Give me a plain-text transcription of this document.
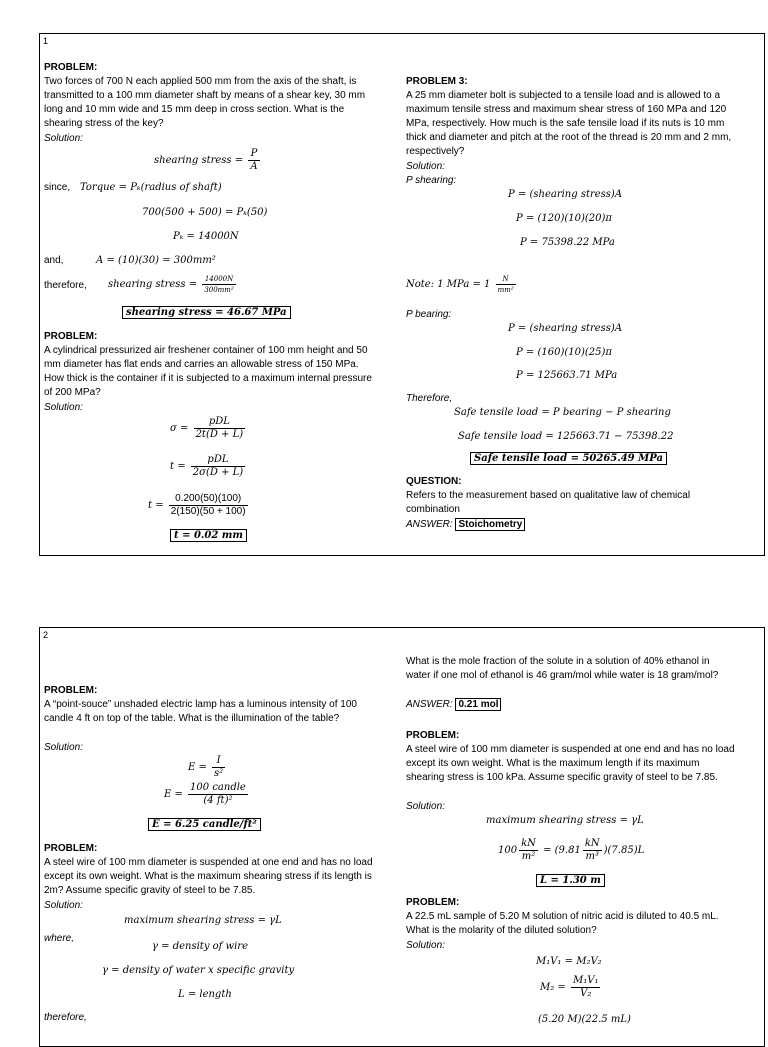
1
PROBLEM:
Two forces of 700 N each applied 500 mm from the axis of the shaft, is transmitted to a 100 mm diameter shaft by means of a shear key, 30 mm long and 10 mm wide and 15 mm deep in cross section. What is the shearing stress of the key?
Solution:
shearing stress = $\frac{P}{A}$
since, Torque = Pₖ(radius of shaft)
700(500 + 500) = Pₖ(50)
Pₖ = 14000N
and,	A = (10)(30) = 300mm²
therefore, shearing stress = $\frac{14000N}{\text{300mm²}}$
shearing stress = 46.67 MPa
PROBLEM:
A cylindrical pressurized air freshener container of 100 mm height and 50 mm diameter has flat ends and carries an allowable stress of 150 MPa. How thick is the container if it is subjected to a maximum internal pressure of 200 MPa?
Solution:
$\sigma = \frac{\text{pDL}}{2t(D + L)}$
$t = \frac{\text{pDL}}{2\sigma(D + L)}$
$t = \frac{0.200(50)(100)}{2(150)(50 + 100)}$
t = 0.02 mm
PROBLEM 3:
A 25 mm diameter bolt is subjected to a tensile load and is allowed to a maximum tensile stress and maximum shear stress of 160 MPa and 120 MPa, respectively. How much is the safe tensile load if its nuts is 10 mm thick and diameter and pitch at the root of the thread is 20 mm and 2 mm, respectively?
Solution:
P shearing:
P = (shearing stress)A
P = (120)(10)(20)π
P = 75398.22 MPa
Note: 1 MPa = $1 \frac{N}{\text{mm²}}$
P bearing:
P = (shearing stress)A
P = (160)(10)(25)π
P = 125663.71 MPa
Therefore,
Safe tensile load = P bearing − P shearing
Safe tensile load = 125663.71 − 75398.22
Safe tensile load = 50265.49 MPa
QUESTION:
Refers to the measurement based on qualitative law of chemical combination
ANSWER: Stoichometry
2
PROBLEM:
A “point-souce” unshaded electric lamp has a luminous intensity of 100 candle 4 ft on top of the table. What is the illumination of the table?
Solution:
$E = \frac{I}{\text{s²}}$
$E = \frac{\text{100 candle}}{\text{(4 ft)²}}$
E = 6.25 candle/ft²
PROBLEM:
A steel wire of 100 mm diameter is suspended at one end and has no load except its own weight. What is the maximum shearing stress if its length is 2m? Assume specific gravity of steel to be 7.85.
Solution:
maximum shearing stress = γL
where,
γ = density of wire
γ = density of water x specific gravity
L = length
therefore,
What is the mole fraction of the solute in a solution of 40% ethanol in water if one mol of ethanol is 46 gram/mol while water is 18 gram/mol?
ANSWER: 0.21 mol
PROBLEM:
A steel wire of 100 mm diameter is suspended at one end and has no load except its own weight. What is the maximum length if its maximum shearing stress is 100 kPa. Assume specific gravity of steel to be 7.85.
Solution:
maximum shearing stress = γL
$100 \frac{kN}{\text{m²}} = (9.81 \frac{kN}{\text{m³}} )(7.85)L$
L = 1.30 m
PROBLEM:
A 22.5 mL sample of 5.20 M solution of nitric acid is diluted to 40.5 mL. What is the molarity of the diluted solution?
Solution:
M₁V₁ = M₂V₂
$M_2 = \frac{\text{M₁V₁}}{\text{V₂}}$
(5.20 M)(22.5 mL)
